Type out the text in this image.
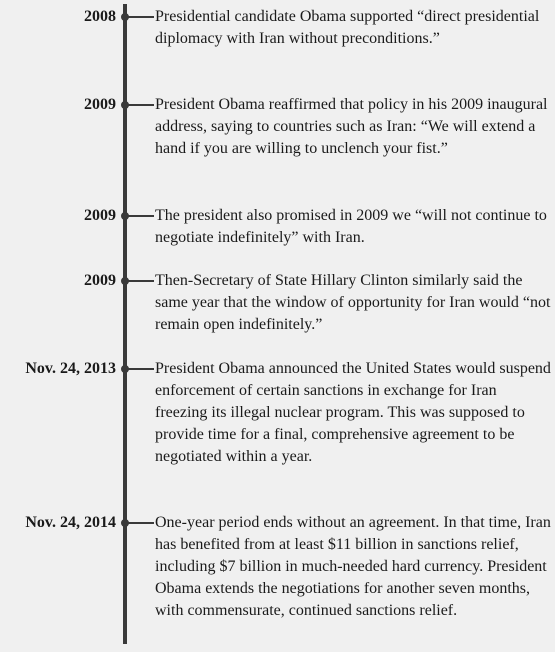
2008 Presidential candidate Obama supported “direct presidential diplomacy with Iran without preconditions.”

2009 President Obama reaffirmed that policy in his 2009 inaugural address, saying to countries such as Iran: “We will extend a hand if you are willing to unclench your fist.”

2009 The president also promised in 2009 we “will not continue to negotiate indefinitely” with Iran.

2009 Then-Secretary of State Hillary Clinton similarly said the same year that the window of opportunity for Iran would “not remain open indefinitely.”

Nov. 24, 2013 President Obama announced the United States would suspend enforcement of certain sanctions in exchange for Iran freezing its illegal nuclear program. This was supposed to provide time for a final, comprehensive agreement to be negotiated within a year.

Nov. 24, 2014 One-year period ends without an agreement. In that time, Iran has benefited from at least $11 billion in sanctions relief, including $7 billion in much-needed hard currency. President Obama extends the negotiations for another seven months, with commensurate, continued sanctions relief.
